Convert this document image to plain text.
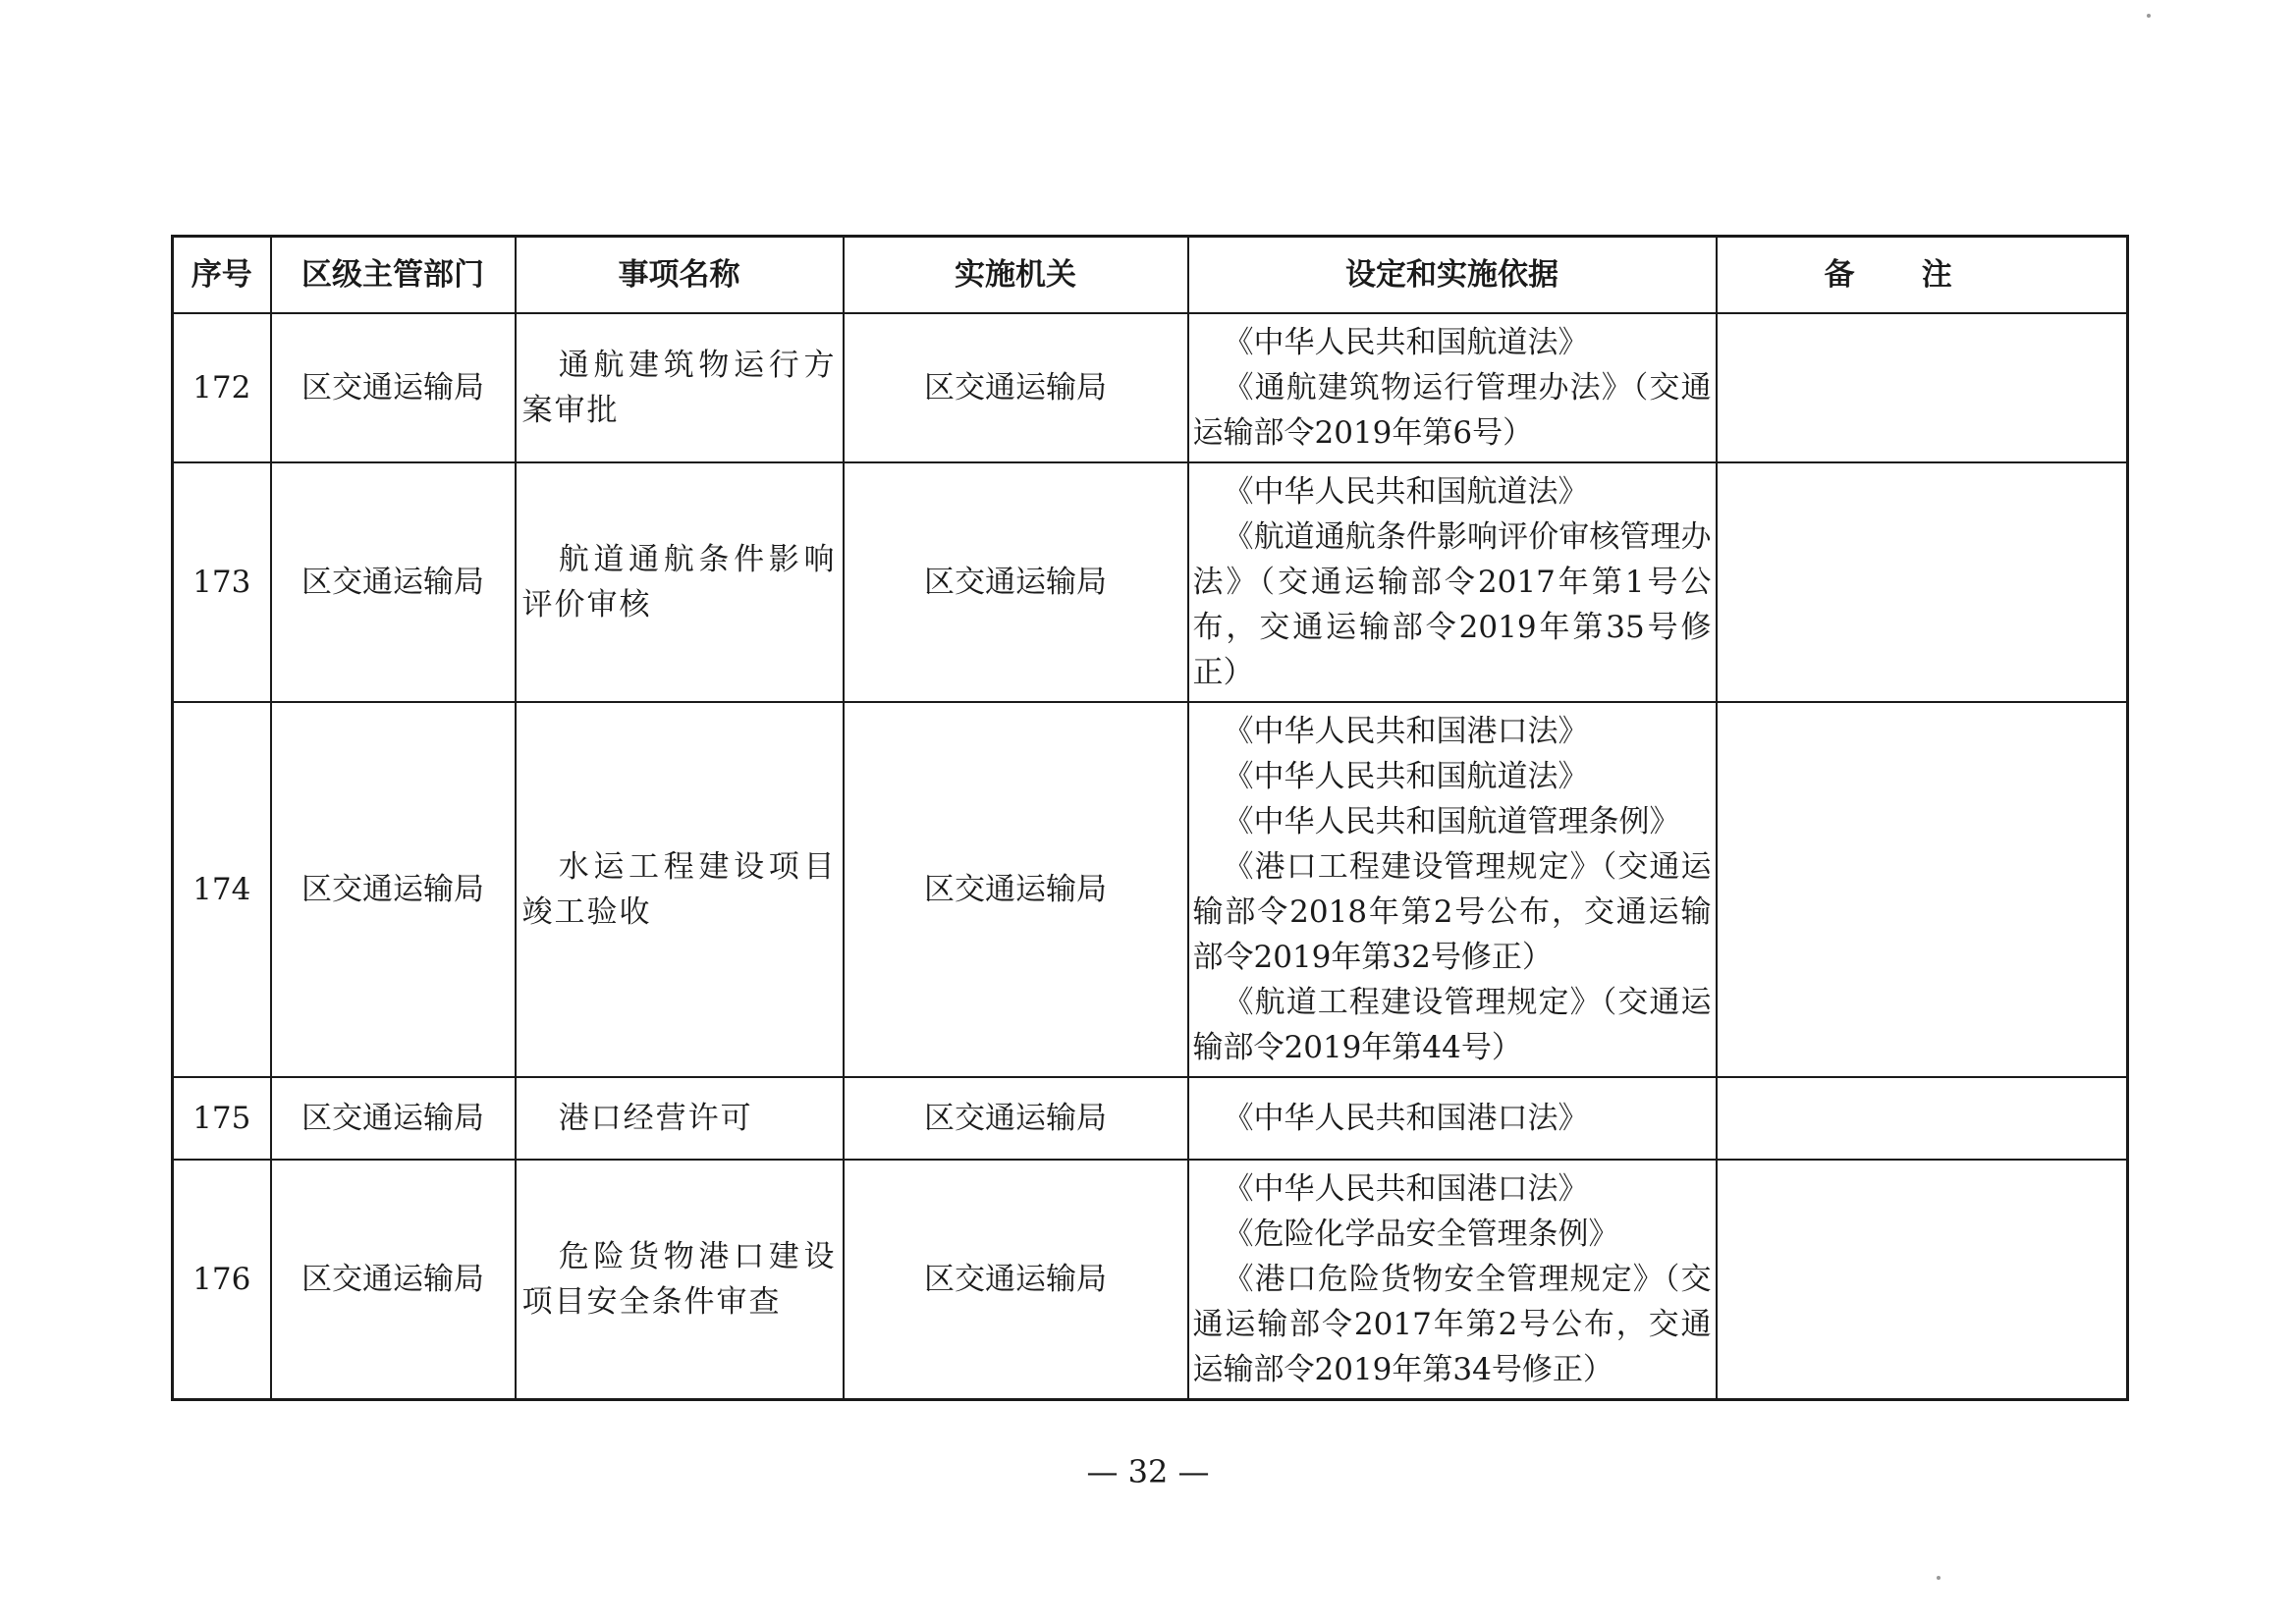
序号	区级主管部门	事项名称	实施机关	设定和实施依据	备注
172	区交通运输局	通航建筑物运行方案审批	区交通运输局	《中华人民共和国航道法》
《通航建筑物运行管理办法》（交通运输部令2019年第6号）	

173	区交通运输局	航道通航条件影响评价审核	区交通运输局	《中华人民共和国航道法》
《航道通航条件影响评价审核管理办法》（交通运输部令2017年第1号公布，交通运输部令2019年第35号修正）	

174	区交通运输局	水运工程建设项目竣工验收	区交通运输局	《中华人民共和国港口法》
《中华人民共和国航道法》
《中华人民共和国航道管理条例》
《港口工程建设管理规定》（交通运输部令2018年第2号公布，交通运输部令2019年第32号修正）
《航道工程建设管理规定》（交通运输部令2019年第44号）	

175	区交通运输局	港口经营许可	区交通运输局	《中华人民共和国港口法》	

176	区交通运输局	危险货物港口建设项目安全条件审查	区交通运输局	《中华人民共和国港口法》
《危险化学品安全管理条例》
《港口危险货物安全管理规定》（交通运输部令2017年第2号公布，交通运输部令2019年第34号修正）	

— 32 —
